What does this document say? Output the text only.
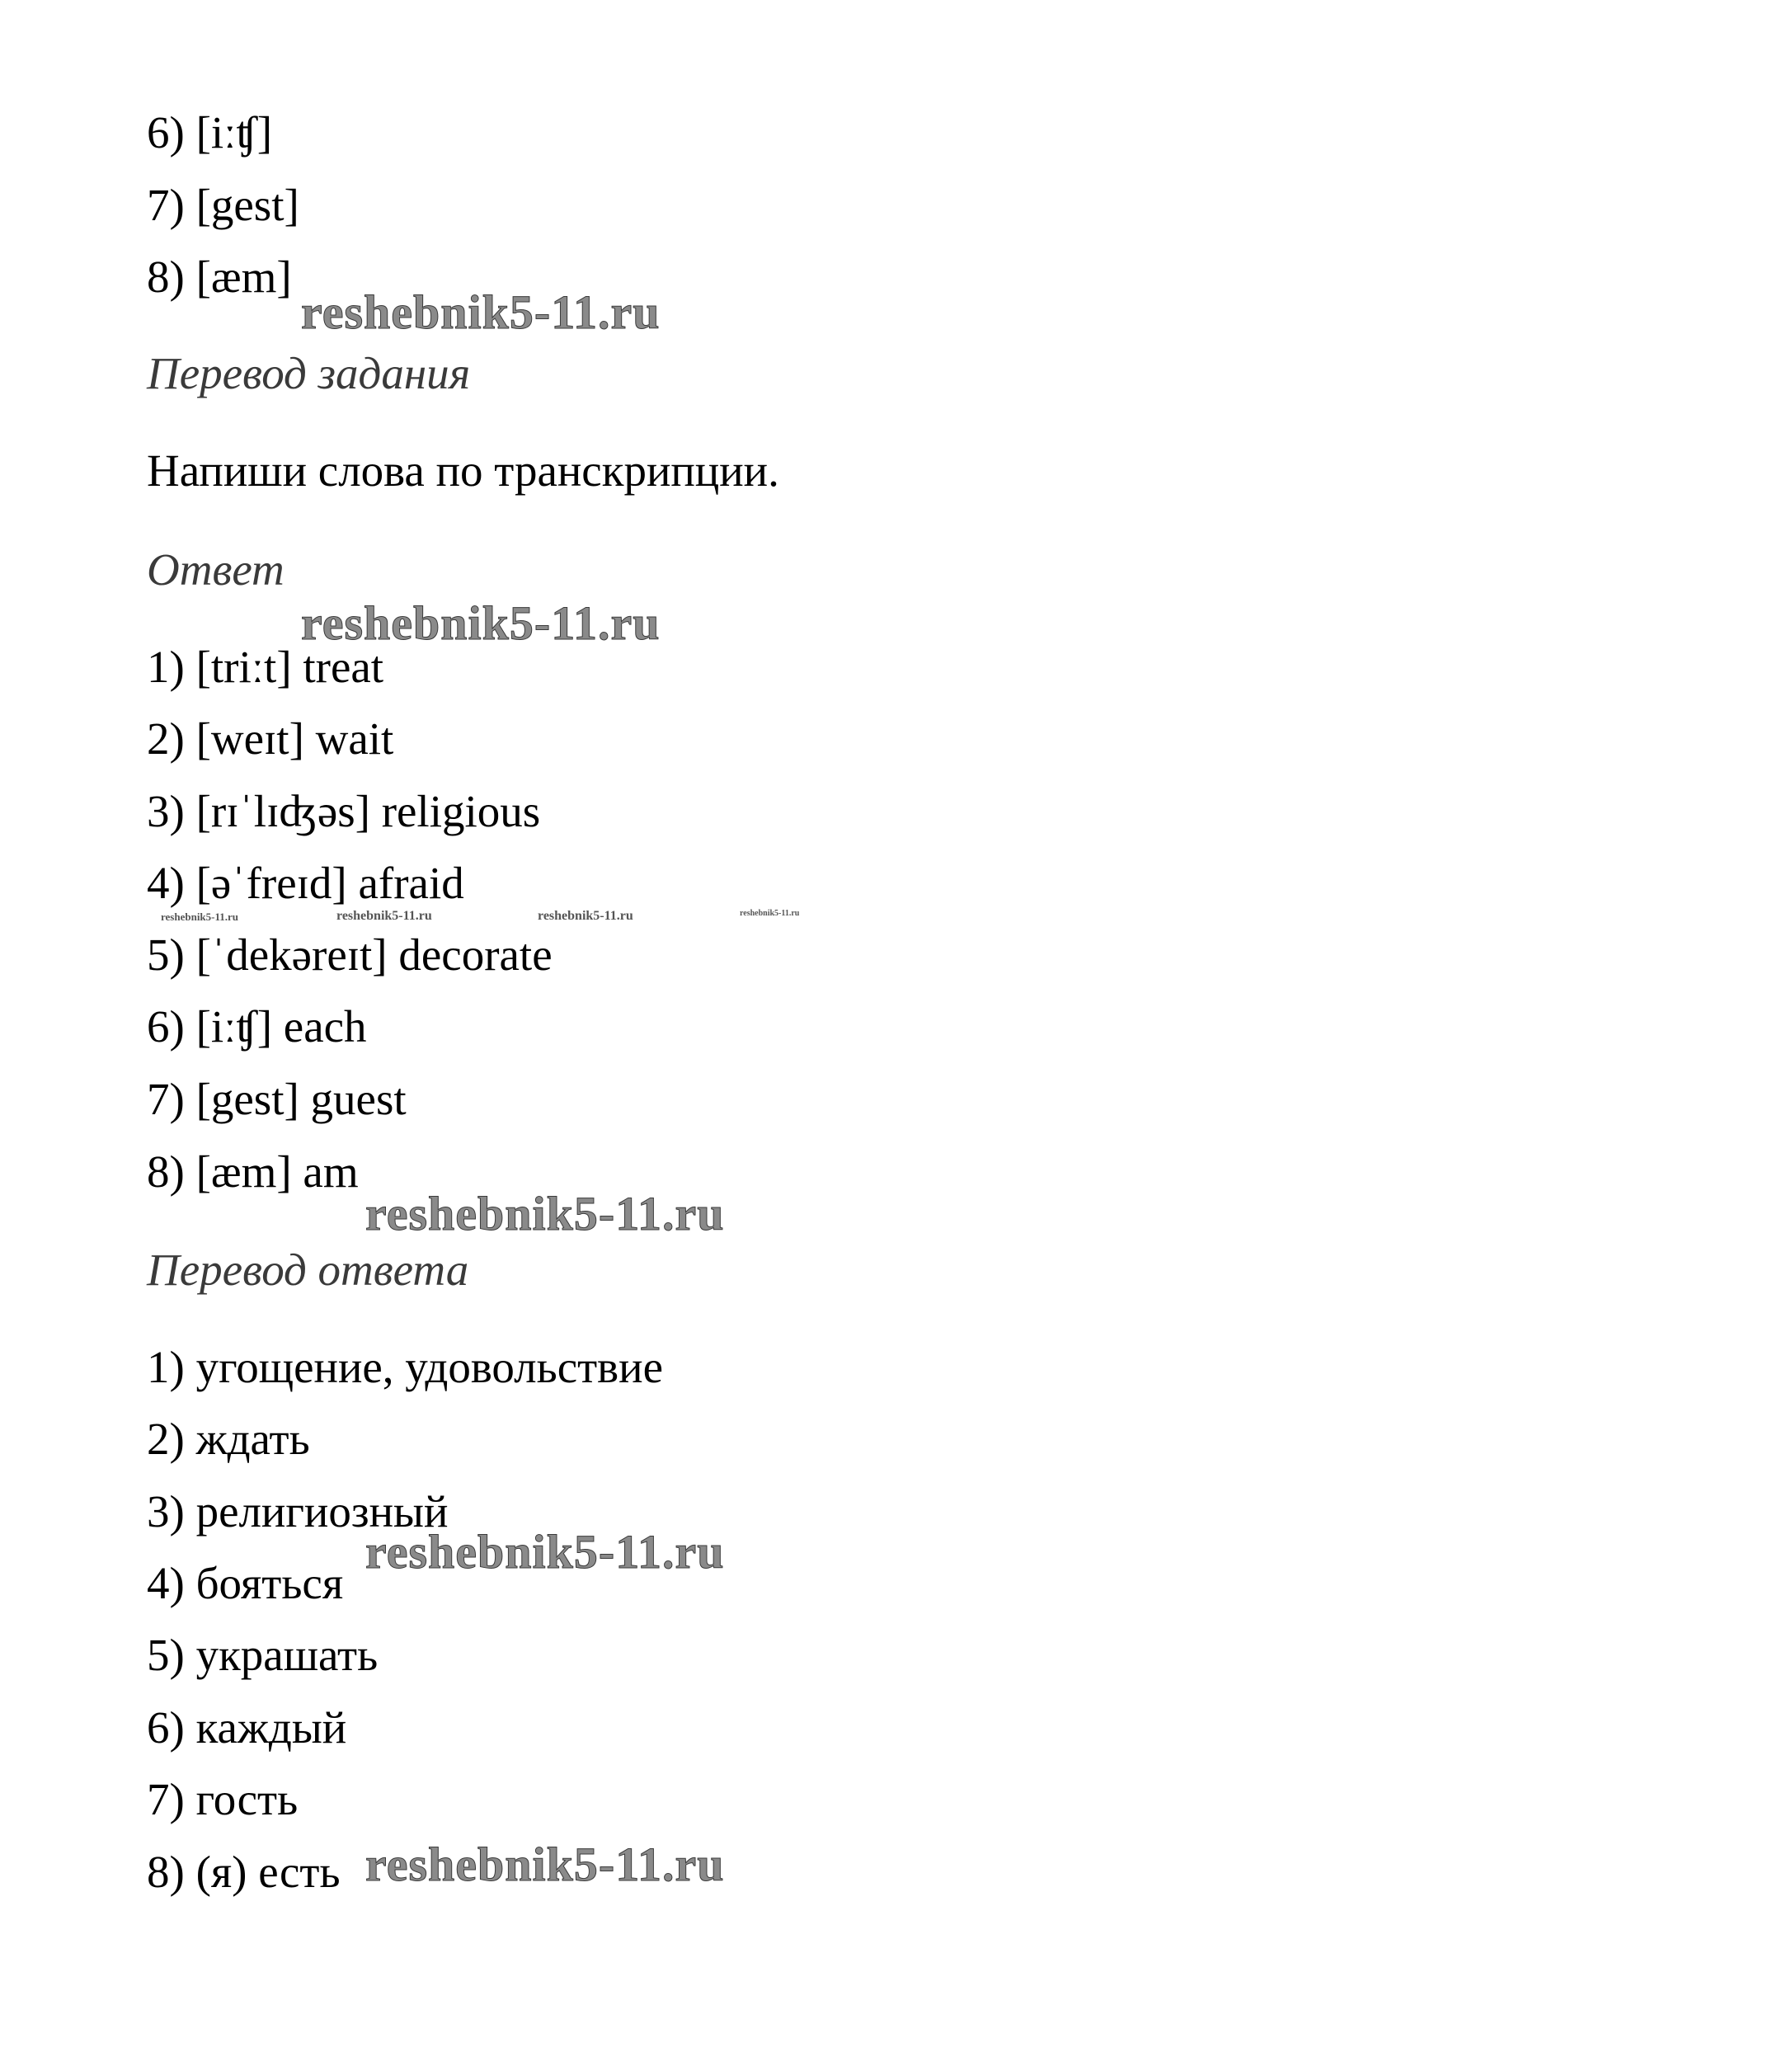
6) [iːʧ]

7) [gest]

8) [æm]

Перевод задания

Напиши слова по транскрипции.

Ответ

1) [triːt] treat

2) [weɪt] wait

3) [rɪˈlɪʤəs] religious

4) [əˈfreɪd] afraid

5) [ˈdekəreɪt] decorate

6) [iːʧ] each

7) [gest] guest

8) [æm] am

Перевод ответа

1) угощение, удовольствие

2) ждать

3) религиозный

4) бояться

5) украшать

6) каждый

7) гость

8) (я) есть

reshebnik5-11.ru
reshebnik5-11.ru
reshebnik5-11.ru
reshebnik5-11.ru
reshebnik5-11.ru
reshebnik5-11.ru	reshebnik5-11.ru	reshebnik5-11.ru	reshebnik5-11.ru
